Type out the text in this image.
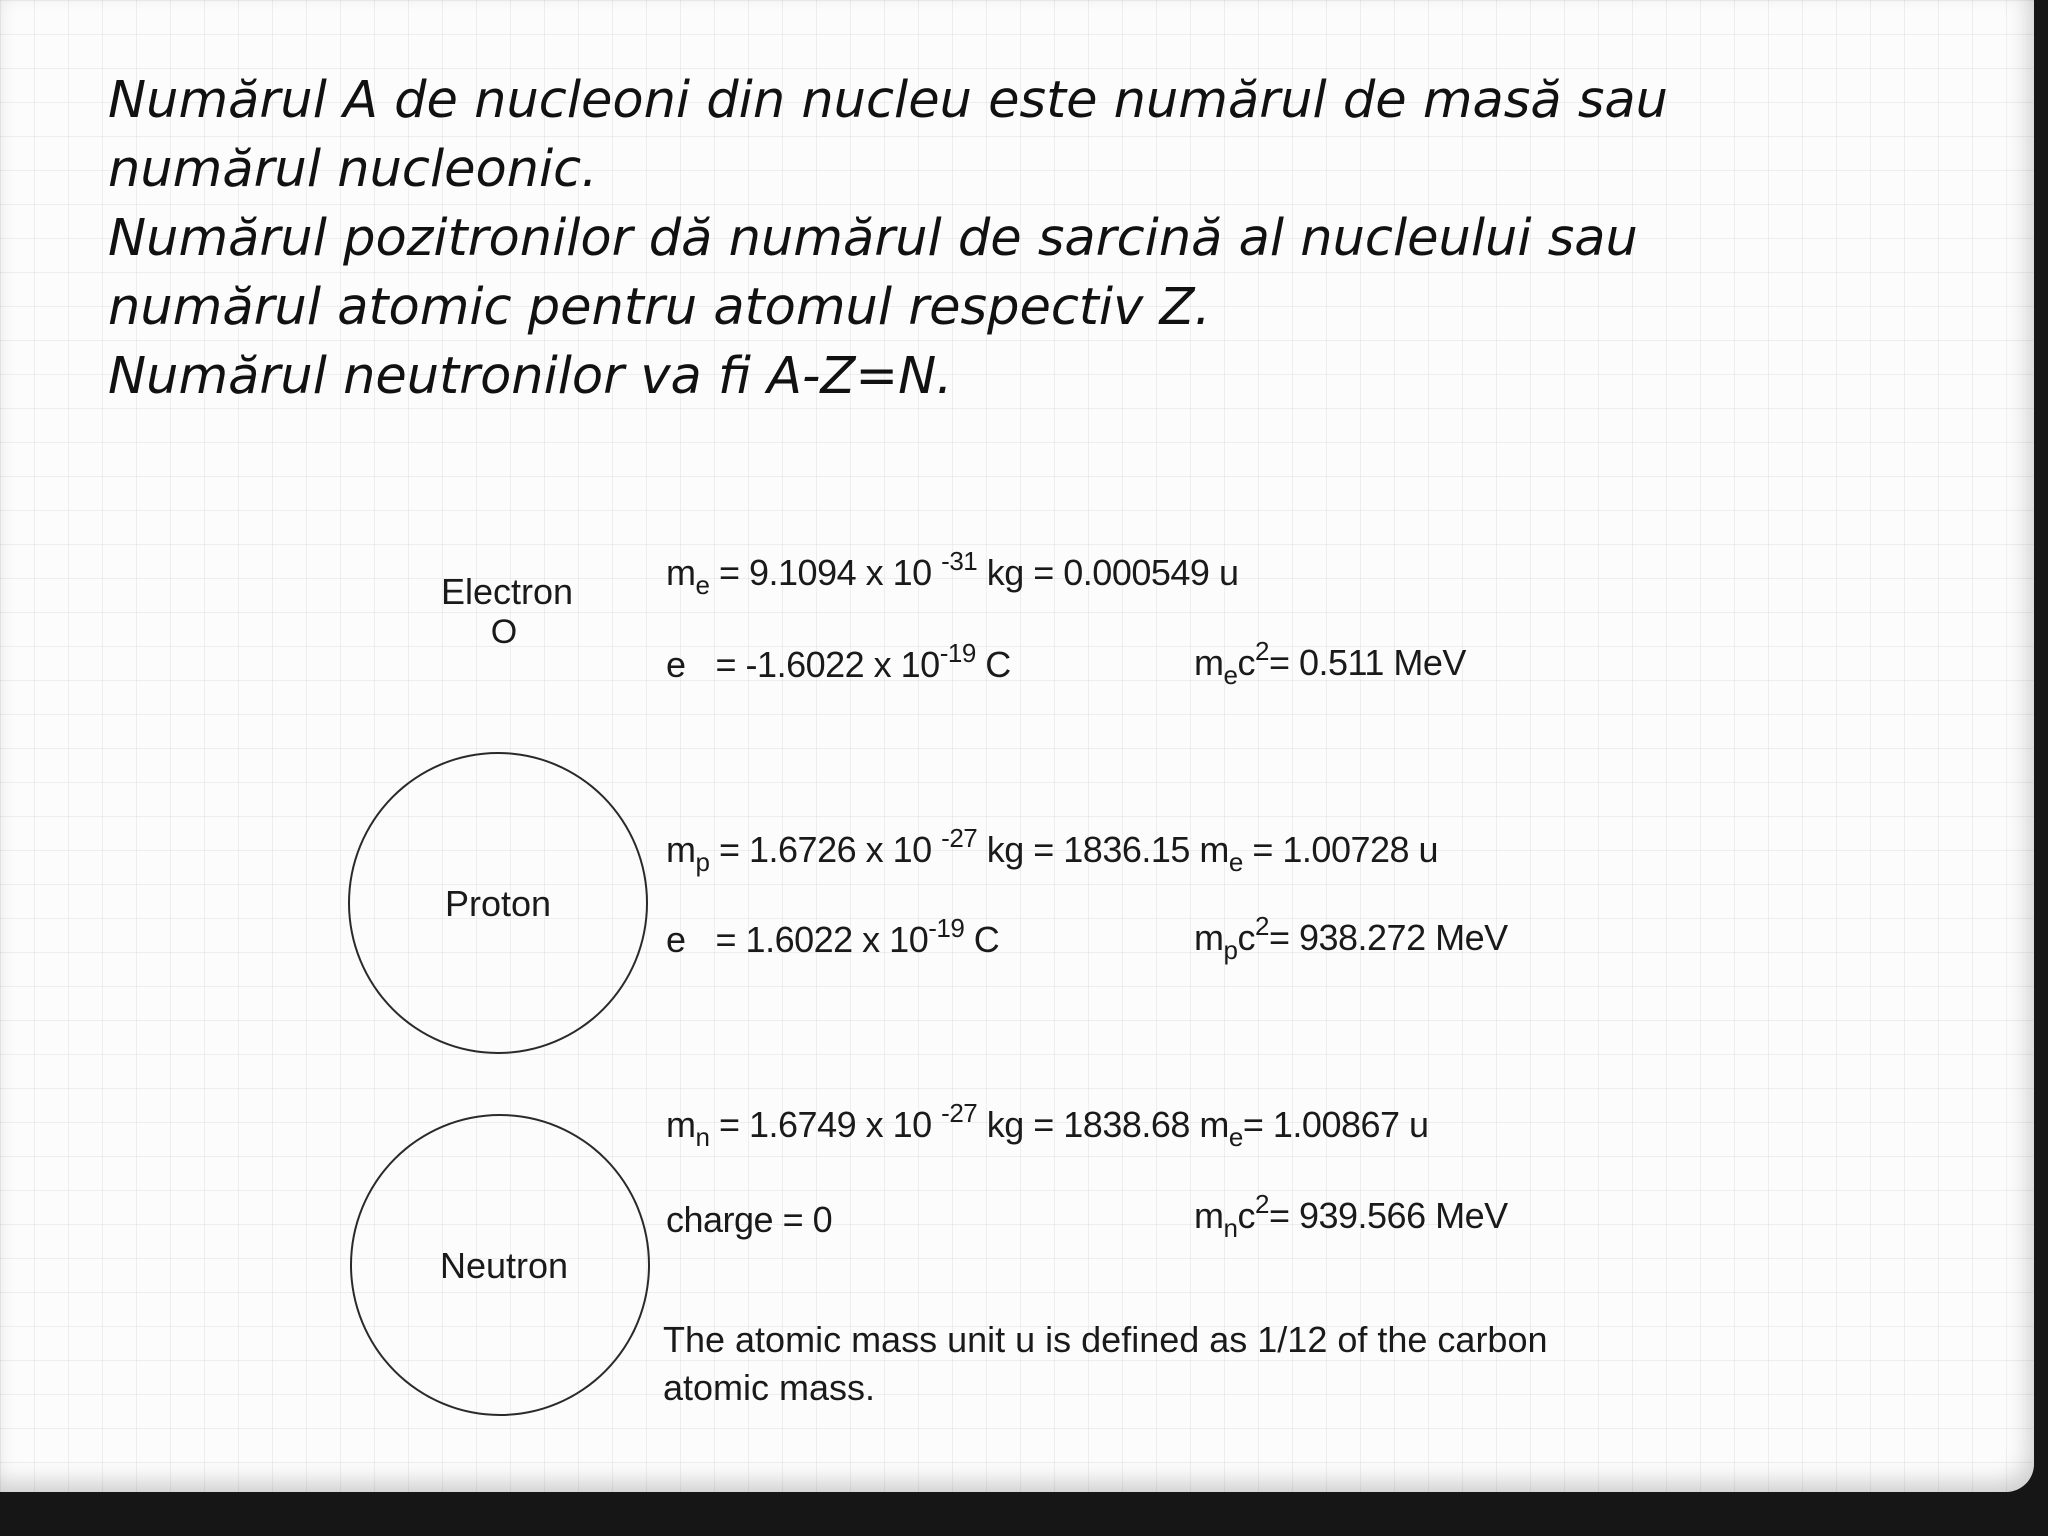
Numărul A de nucleoni din nucleu este numărul de masă sau
numărul nucleonic.
Numărul pozitronilor dă numărul de sarcină al nucleului sau
numărul atomic pentru atomul respectiv Z.
Numărul neutronilor va fi A-Z=N.
Electron
O
$m_e = 9.1094$ x 10 $^{-31}$ kg = 0.000549 u
e = -1.6022 x $10^{-19}$ C	$m_ec^2= 0.511$ MeV
Proton
$m_p = 1.6726$ x 10 $^{-27}$ kg = 1836.15 $m_e = 1.00728$ u
e = 1.6022 x $10^{-19}$ C	$m_pc^2= 938.272$ MeV
Neutron
$m_n = 1.6749$ x 10 $^{-27}$ kg = 1838.68 $m_e= 1.00867$ u
charge = 0	$m_nc^2= 939.566$ MeV
The atomic mass unit u is defined as 1/12 of the carbon
atomic mass.
